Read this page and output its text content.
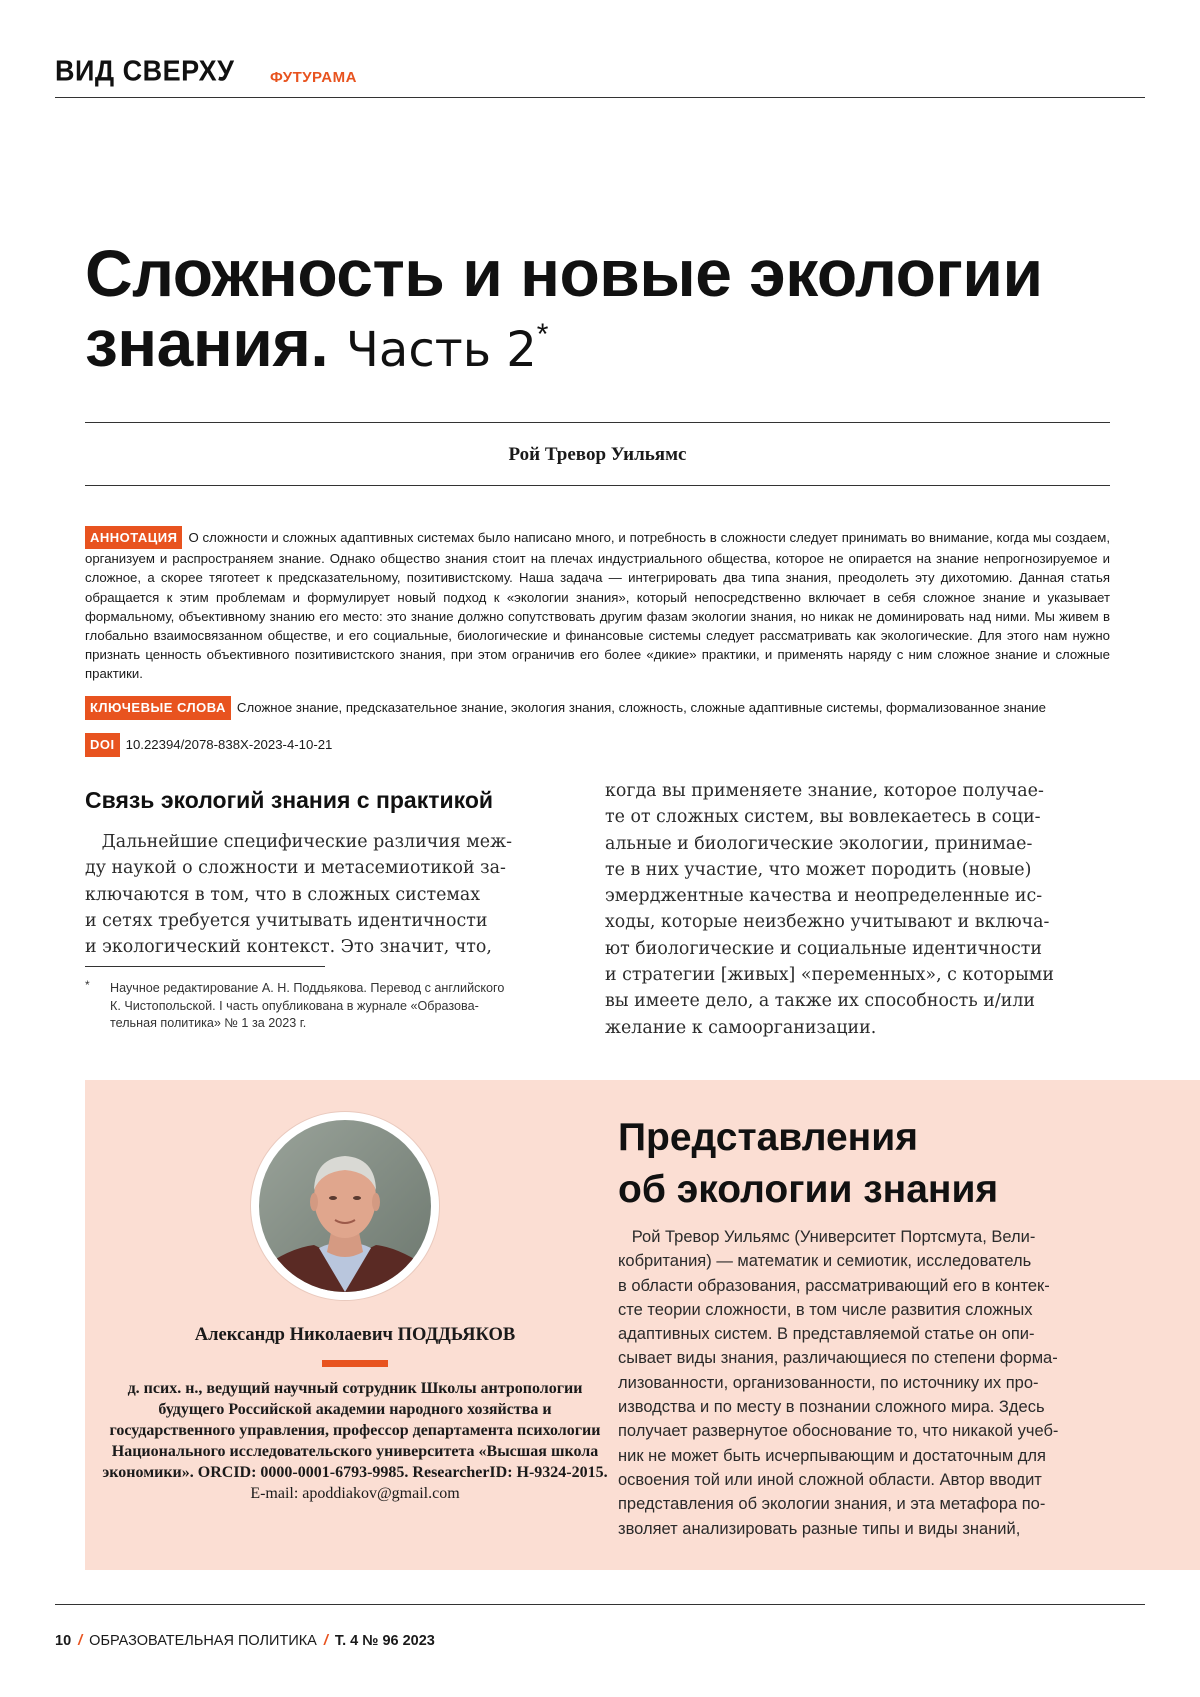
ВИД СВЕРХУ ФУТУРАМА
Сложность и новые экологии
знания. Часть 2*
Рой Тревор Уильямс
АННОТАЦИЯ О сложности и сложных адаптивных системах было написано много, и потребность в сложности следует принимать во внимание, когда мы создаем, организуем и распространяем знание. Однако общество знания стоит на плечах индустриального общества, которое не опирается на знание непрогнозируемое и сложное, а скорее тяготеет к предсказательному, позитивистскому. Наша задача — интегрировать два типа знания, преодолеть эту дихотомию. Данная статья обращается к этим проблемам и формулирует новый подход к «экологии знания», который непосредственно включает в себя сложное знание и указывает формальному, объективному знанию его место: это знание должно сопутствовать другим фазам экологии знания, но никак не доминировать над ними. Мы живем в глобально взаимосвязанном обществе, и его социальные, биологические и финансовые системы следует рассматривать как экологические. Для этого нам нужно признать ценность объективного позитивистского знания, при этом ограничив его более «дикие» практики, и применять наряду с ним сложное знание и сложные практики.
КЛЮЧЕВЫЕ СЛОВА Сложное знание, предсказательное знание, экология знания, сложность, сложные адаптивные системы, формализованное знание
DOI 10.22394/2078-838X-2023-4-10-21
Связь экологий знания с практикой
Дальнейшие специфические различия меж-
ду наукой о сложности и метасемиотикой за-
ключаются в том, что в сложных системах
и сетях требуется учитывать идентичности
и экологический контекст. Это значит, что,
когда вы применяете знание, которое получае-
те от сложных систем, вы вовлекаетесь в соци-
альные и биологические экологии, принимае-
те в них участие, что может породить (новые)
эмерджентные качества и неопределенные ис-
ходы, которые неизбежно учитывают и включа-
ют биологические и социальные идентичности
и стратегии [живых] «переменных», с которыми
вы имеете дело, а также их способность и/или
желание к самоорганизации.
* Научное редактирование А. Н. Поддьякова. Перевод с английского
К. Чистопольской. I часть опубликована в журнале «Образова-
тельная политика» № 1 за 2023 г.
Александр Николаевич ПОДДЬЯКОВ
д. псих. н., ведущий научный сотрудник Школы антропологии будущего Российской академии народного хозяйства и государственного управления, профессор департамента психологии Национального исследовательского университета «Высшая школа экономики». ORCID: 0000-0001-6793-9985. ResearcherID: H-9324-2015. E-mail: apoddiakov@gmail.com
Представления
об экологии знания
Рой Тревор Уильямс (Университет Портсмута, Вели-
кобритания) — математик и семиотик, исследователь
в области образования, рассматривающий его в контек-
сте теории сложности, в том числе развития сложных
адаптивных систем. В представляемой статье он опи-
сывает виды знания, различающиеся по степени форма-
лизованности, организованности, по источнику их про-
изводства и по месту в познании сложного мира. Здесь
получает развернутое обоснование то, что никакой учеб-
ник не может быть исчерпывающим и достаточным для
освоения той или иной сложной области. Автор вводит
представления об экологии знания, и эта метафора по-
зволяет анализировать разные типы и виды знаний,
10 / ОБРАЗОВАТЕЛЬНАЯ ПОЛИТИКА / Т. 4 № 96 2023
